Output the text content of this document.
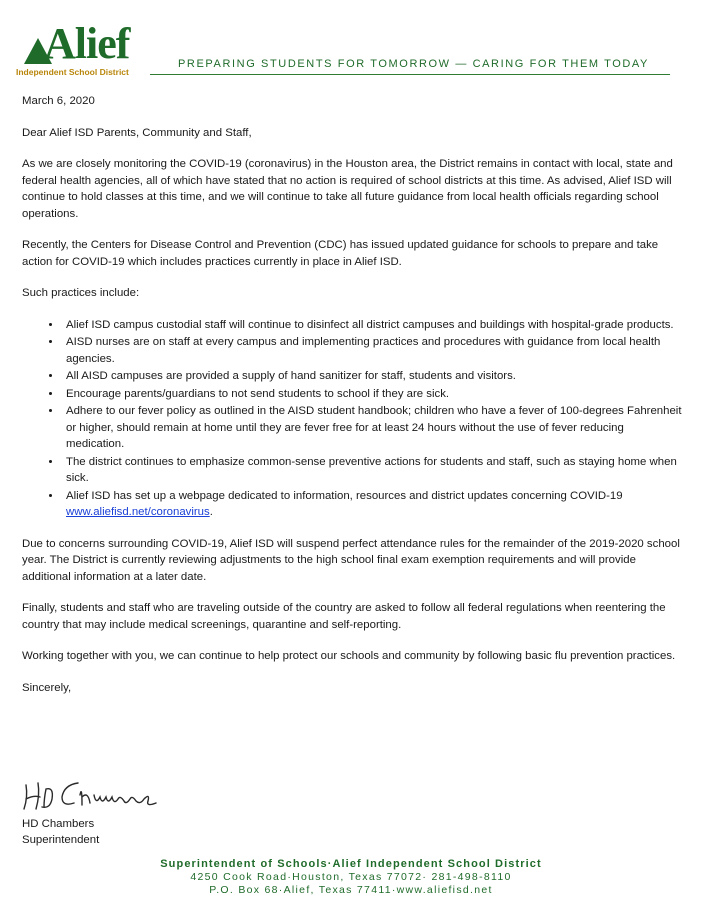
Alief
Independent School District
PREPARING STUDENTS FOR TOMORROW — CARING FOR THEM TODAY

March 6, 2020

Dear Alief ISD Parents, Community and Staff,

As we are closely monitoring the COVID-19 (coronavirus) in the Houston area, the District remains in contact with local, state and federal health agencies, all of which have stated that no action is required of school districts at this time. As advised, Alief ISD will continue to hold classes at this time, and we will continue to take all future guidance from local health officials regarding school operations.

Recently, the Centers for Disease Control and Prevention (CDC) has issued updated guidance for schools to prepare and take action for COVID-19 which includes practices currently in place in Alief ISD.

Such practices include:

• Alief ISD campus custodial staff will continue to disinfect all district campuses and buildings with hospital-grade products.
• AISD nurses are on staff at every campus and implementing practices and procedures with guidance from local health agencies.
• All AISD campuses are provided a supply of hand sanitizer for staff, students and visitors.
• Encourage parents/guardians to not send students to school if they are sick.
• Adhere to our fever policy as outlined in the AISD student handbook; children who have a fever of 100-degrees Fahrenheit or higher, should remain at home until they are fever free for at least 24 hours without the use of fever reducing medication.
• The district continues to emphasize common-sense preventive actions for students and staff, such as staying home when sick.
• Alief ISD has set up a webpage dedicated to information, resources and district updates concerning COVID-19 www.aliefisd.net/coronavirus.

Due to concerns surrounding COVID-19, Alief ISD will suspend perfect attendance rules for the remainder of the 2019-2020 school year. The District is currently reviewing adjustments to the high school final exam exemption requirements and will provide additional information at a later date.

Finally, students and staff who are traveling outside of the country are asked to follow all federal regulations when reentering the country that may include medical screenings, quarantine and self-reporting.

Working together with you, we can continue to help protect our schools and community by following basic flu prevention practices.

Sincerely,

HD Chambers
Superintendent
Superintendent of Schools·Alief Independent School District
4250 Cook Road·Houston, Texas 77072· 281-498-8110
P.O. Box 68·Alief, Texas 77411·www.aliefisd.net
